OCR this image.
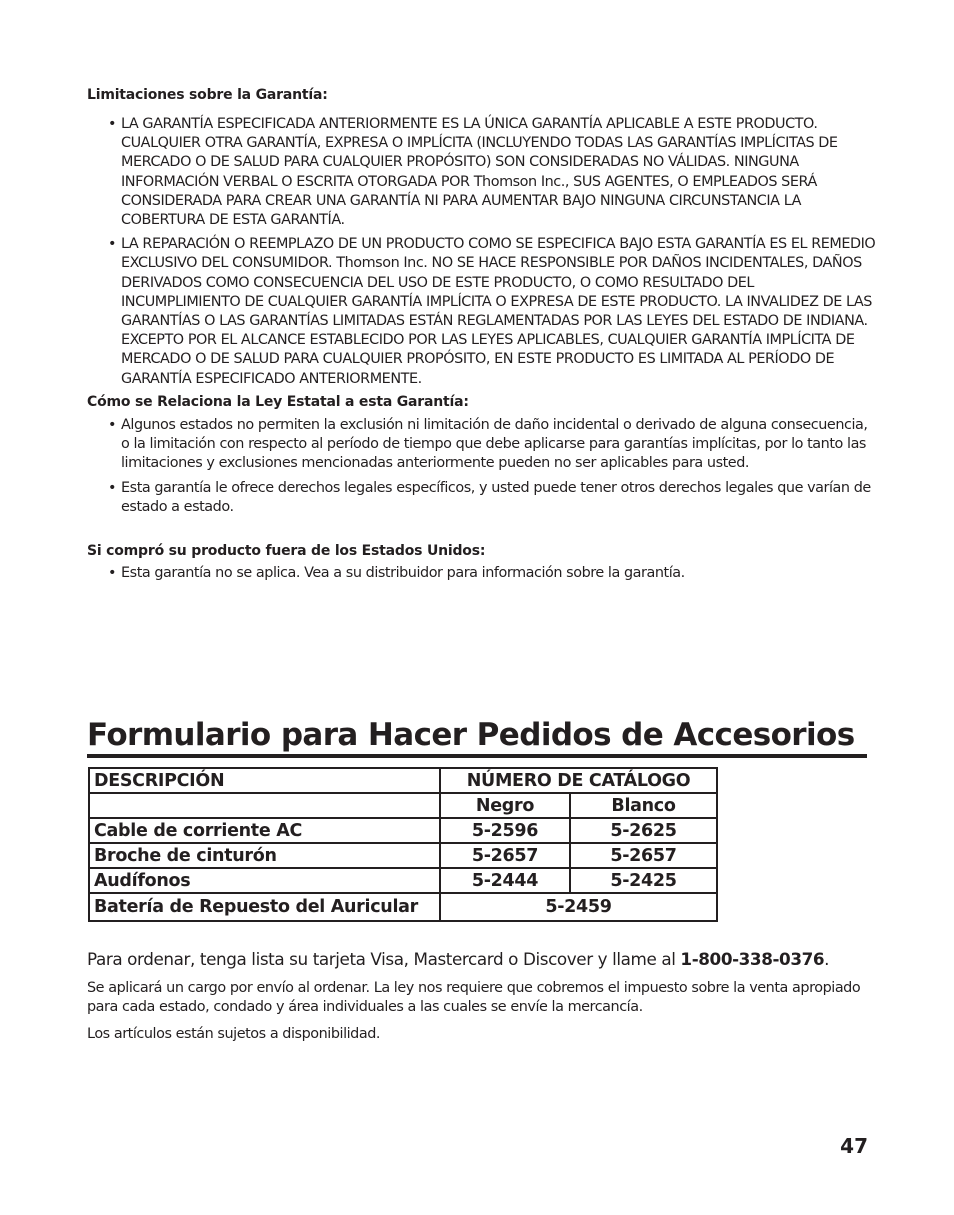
Limitaciones sobre la Garantía:
• LA GARANTÍA ESPECIFICADA ANTERIORMENTE ES LA ÚNICA GARANTÍA APLICABLE A ESTE PRODUCTO. CUALQUIER OTRA GARANTÍA, EXPRESA O IMPLÍCITA (INCLUYENDO TODAS LAS GARANTÍAS IMPLÍCITAS DE MERCADO O DE SALUD PARA CUALQUIER PROPÓSITO) SON CONSIDERADAS NO VÁLIDAS. NINGUNA INFORMACIÓN VERBAL O ESCRITA OTORGADA POR Thomson Inc., SUS AGENTES, O EMPLEADOS SERÁ CONSIDERADA PARA CREAR UNA GARANTÍA NI PARA AUMENTAR BAJO NINGUNA CIRCUNSTANCIA LA COBERTURA DE ESTA GARANTÍA.
• LA REPARACIÓN O REEMPLAZO DE UN PRODUCTO COMO SE ESPECIFICA BAJO ESTA GARANTÍA ES EL REMEDIO EXCLUSIVO DEL CONSUMIDOR. Thomson Inc. NO SE HACE RESPONSIBLE POR DAÑOS INCIDENTALES, DAÑOS DERIVADOS COMO CONSECUENCIA DEL USO DE ESTE PRODUCTO, O COMO RESULTADO DEL INCUMPLIMIENTO DE CUALQUIER GARANTÍA IMPLÍCITA O EXPRESA DE ESTE PRODUCTO. LA INVALIDEZ DE LAS GARANTÍAS O LAS GARANTÍAS LIMITADAS ESTÁN REGLAMENTADAS POR LAS LEYES DEL ESTADO DE INDIANA. EXCEPTO POR EL ALCANCE ESTABLECIDO POR LAS LEYES APLICABLES, CUALQUIER GARANTÍA IMPLÍCITA DE MERCADO O DE SALUD PARA CUALQUIER PROPÓSITO, EN ESTE PRODUCTO ES LIMITADA AL PERÍODO DE GARANTÍA ESPECIFICADO ANTERIORMENTE.
Cómo se Relaciona la Ley Estatal a esta Garantía:
• Algunos estados no permiten la exclusión ni limitación de daño incidental o derivado de alguna consecuencia, o la limitación con respecto al período de tiempo que debe aplicarse para garantías implícitas, por lo tanto las limitaciones y exclusiones mencionadas anteriormente pueden no ser aplicables para usted.
• Esta garantía le ofrece derechos legales específicos, y usted puede tener otros derechos legales que varían de estado a estado.
Si compró su producto fuera de los Estados Unidos:
• Esta garantía no se aplica. Vea a su distribuidor para información sobre la garantía.
Formulario para Hacer Pedidos de Accesorios
DESCRIPCIÓN	NÚMERO DE CATÁLOGO	
	Negro	Blanco
Cable de corriente AC	5-2596	5-2625
Broche de cinturón	5-2657	5-2657
Audífonos	5-2444	5-2425
Batería de Repuesto del Auricular	5-2459	

Para ordenar, tenga lista su tarjeta Visa, Mastercard o Discover y llame al 1-800-338-0376.

Se aplicará un cargo por envío al ordenar. La ley nos requiere que cobremos el impuesto sobre la venta apropiado para cada estado, condado y área individuales a las cuales se envíe la mercancía.

Los artículos están sujetos a disponibilidad.

47
